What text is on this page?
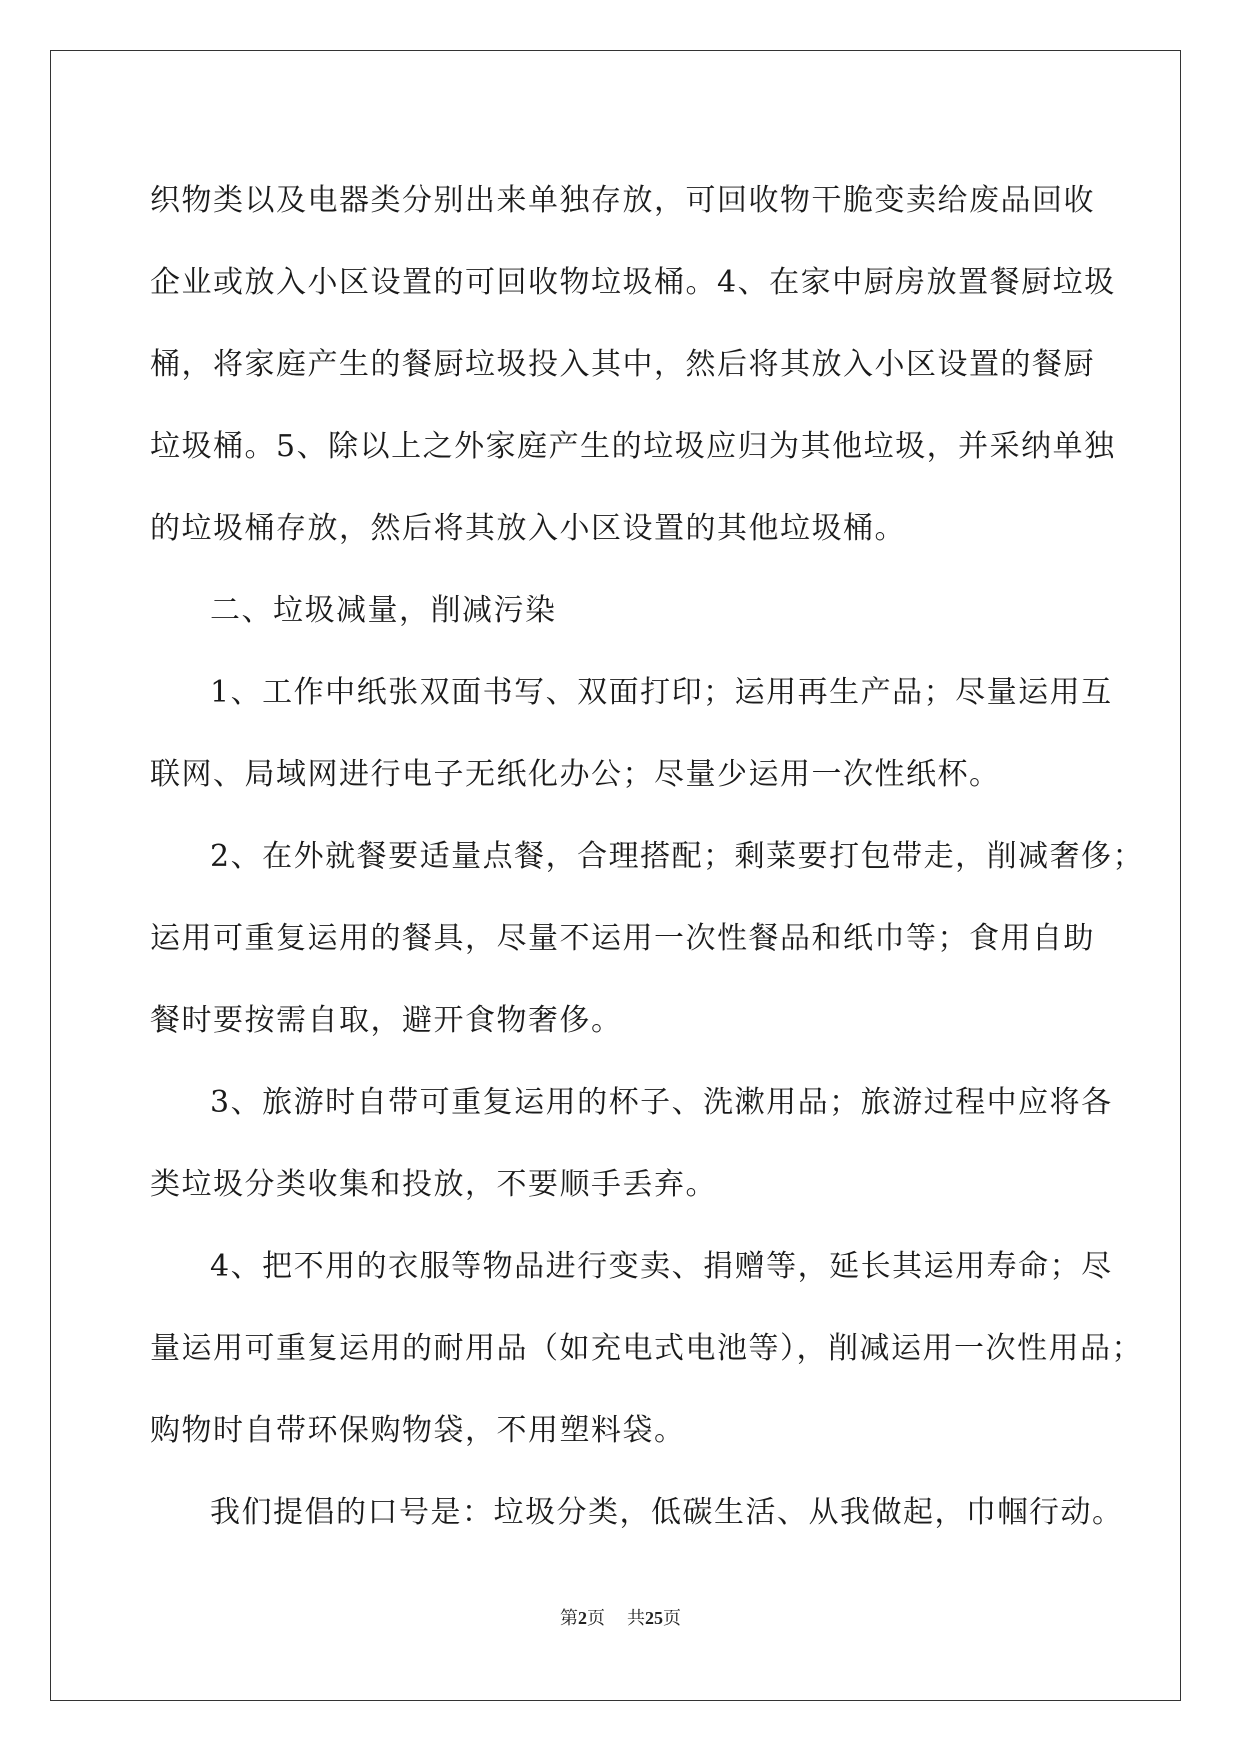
织物类以及电器类分别出来单独存放，可回收物干脆变卖给废品回收
企业或放入小区设置的可回收物垃圾桶。4、在家中厨房放置餐厨垃圾
桶，将家庭产生的餐厨垃圾投入其中，然后将其放入小区设置的餐厨
垃圾桶。5、除以上之外家庭产生的垃圾应归为其他垃圾，并采纳单独
的垃圾桶存放，然后将其放入小区设置的其他垃圾桶。
二、垃圾减量，削减污染
1、工作中纸张双面书写、双面打印；运用再生产品；尽量运用互
联网、局域网进行电子无纸化办公；尽量少运用一次性纸杯。
2、在外就餐要适量点餐，合理搭配；剩菜要打包带走，削减奢侈；
运用可重复运用的餐具，尽量不运用一次性餐品和纸巾等；食用自助
餐时要按需自取，避开食物奢侈。
3、旅游时自带可重复运用的杯子、洗漱用品；旅游过程中应将各
类垃圾分类收集和投放，不要顺手丢弃。
4、把不用的衣服等物品进行变卖、捐赠等，延长其运用寿命；尽
量运用可重复运用的耐用品（如充电式电池等），削减运用一次性用品；
购物时自带环保购物袋，不用塑料袋。
我们提倡的口号是：垃圾分类，低碳生活、从我做起，巾帼行动。
第2页 共25页
